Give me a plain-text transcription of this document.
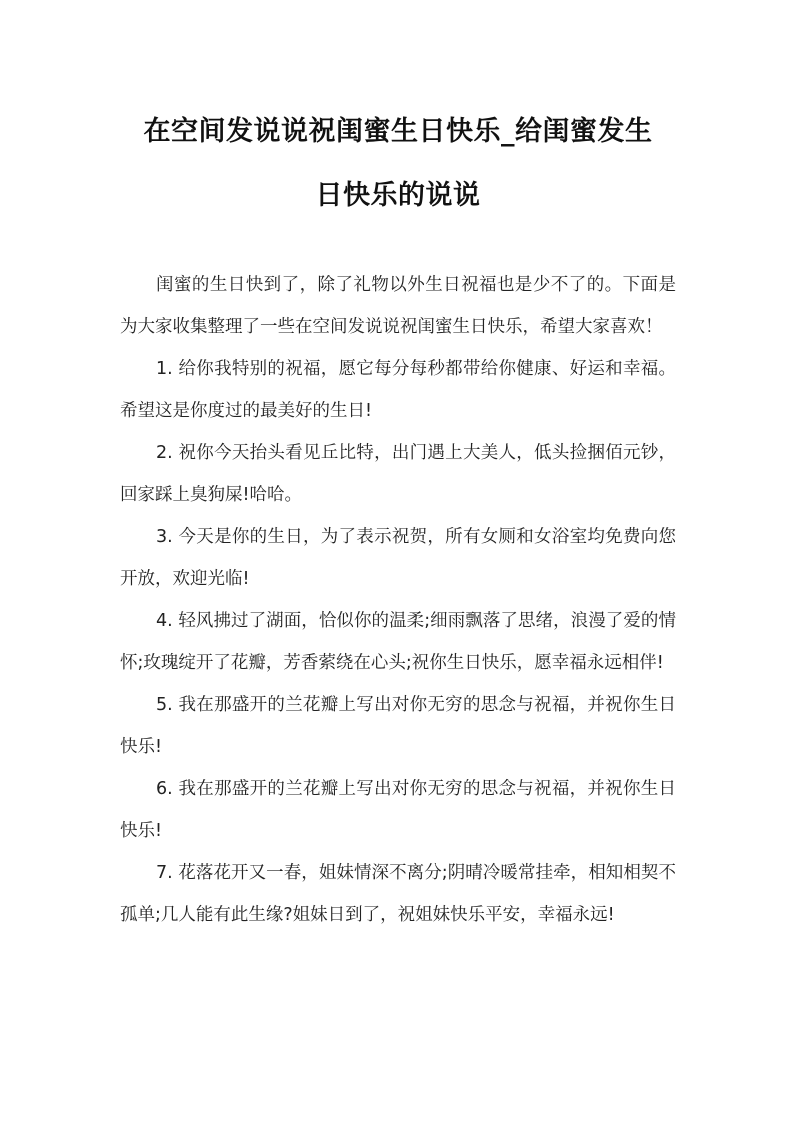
在空间发说说祝闺蜜生日快乐_给闺蜜发生
日快乐的说说

闺蜜的生日快到了，除了礼物以外生日祝福也是少不了的。下面是 为大家收集整理了一些在空间发说说祝闺蜜生日快乐，希望大家喜欢！

1. 给你我特别的祝福，愿它每分每秒都带给你健康、好运和幸福。希望这是你度过的最美好的生日!

2. 祝你今天抬头看见丘比特，出门遇上大美人，低头捡捆佰元钞，回家踩上臭狗屎!哈哈。

3. 今天是你的生日，为了表示祝贺，所有女厕和女浴室均免费向您开放，欢迎光临!

4. 轻风拂过了湖面，恰似你的温柔;细雨飘落了思绪，浪漫了爱的情怀;玫瑰绽开了花瓣，芳香萦绕在心头;祝你生日快乐，愿幸福永远相伴!

5. 我在那盛开的兰花瓣上写出对你无穷的思念与祝福，并祝你生日快乐!

6. 我在那盛开的兰花瓣上写出对你无穷的思念与祝福，并祝你生日快乐!

7. 花落花开又一春，姐妹情深不离分;阴晴冷暖常挂牵，相知相契不孤单;几人能有此生缘?姐妹日到了，祝姐妹快乐平安，幸福永远!
